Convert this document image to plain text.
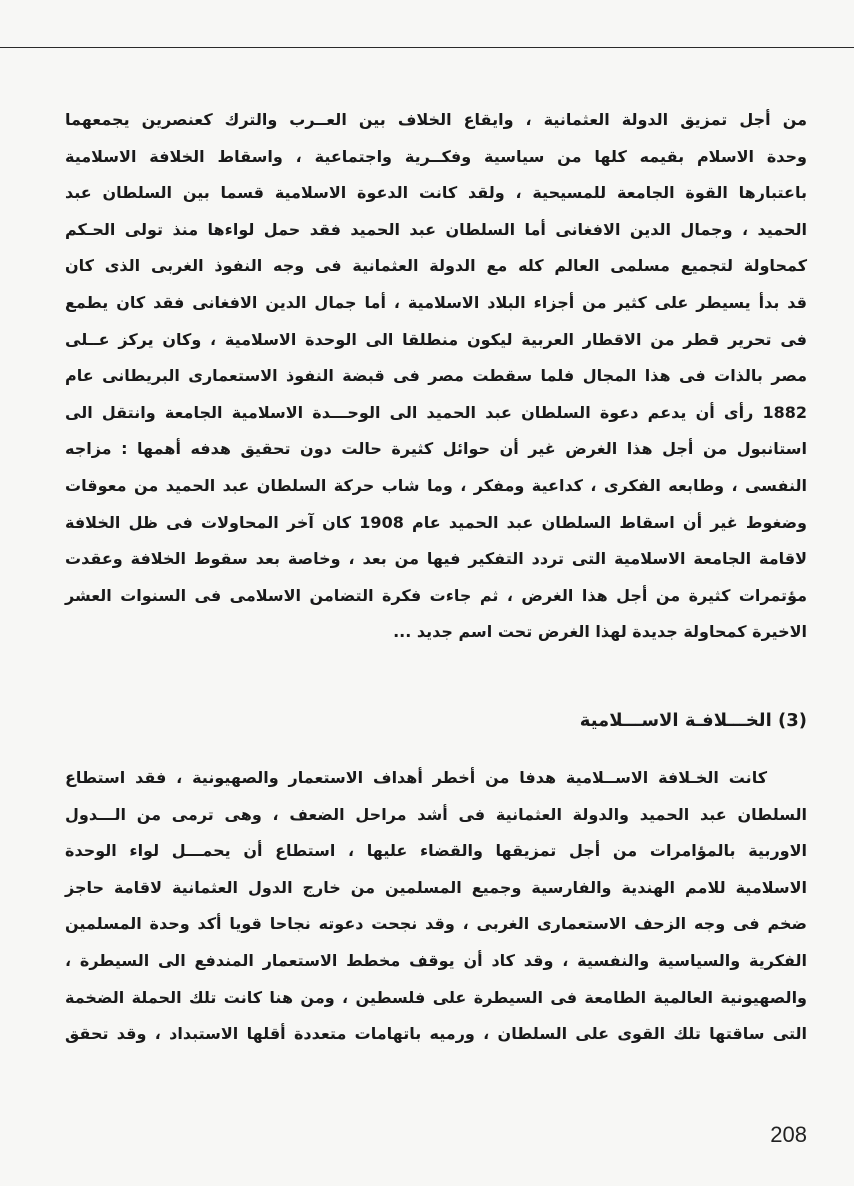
من أجل تمزيق الدولة العثمانية ، وايقاع الخلاف بين العــرب والترك كعنصرين يجمعهما
وحدة الاسلام بقيمه كلها من سياسية وفكــرية واجتماعية ، واسقاط الخلافة الاسلامية
باعتبارها القوة الجامعة للمسيحية ، ولقد كانت الدعوة الاسلامية قسما بين السلطان عبد
الحميد ، وجمال الدين الافغانى أما السلطان عبد الحميد فقد حمل لواءها منذ تولى الحـكم
كمحاولة لتجميع مسلمى العالم كله مع الدولة العثمانية فى وجه النفوذ الغربى الذى كان
قد بدأ يسيطر على كثير من أجزاء البلاد الاسلامية ، أما جمال الدين الافغانى فقد كان يطمع
فى تحرير قطر من الاقطار العربية ليكون منطلقا الى الوحدة الاسلامية ، وكان يركز عــلى
مصر بالذات فى هذا المجال فلما سقطت مصر فى قبضة النفوذ الاستعمارى البريطانى عام
1882 رأى أن يدعم دعوة السلطان عبد الحميد الى الوحـــدة الاسلامية الجامعة وانتقل الى
استانبول من أجل هذا الغرض غير أن حوائل كثيرة حالت دون تحقيق هدفه أهمها : مزاجه
النفسى ، وطابعه الفكرى ، كداعية ومفكر ، وما شاب حركة السلطان عبد الحميد من معوقات
وضغوط غير أن اسقاط السلطان عبد الحميد عام 1908 كان آخر المحاولات فى ظل الخلافة
لاقامة الجامعة الاسلامية التى تردد التفكير فيها من بعد ، وخاصة بعد سقوط الخلافة وعقدت
مؤتمرات كثيرة من أجل هذا الغرض ، ثم جاءت فكرة التضامن الاسلامى فى السنوات العشر
الاخيرة كمحاولة جديدة لهذا الغرض تحت اسم جديد ...
(3) الخـــلافـة الاســـلامية
كانت الخـلافة الاســلامية هدفا من أخطر أهداف الاستعمار والصهيونية ، فقد استطاع
السلطان عبد الحميد والدولة العثمانية فى أشد مراحل الضعف ، وهى ترمى من الـــدول
الاوربية بالمؤامرات من أجل تمزيقها والقضاء عليها ، استطاع أن يحمـــل لواء الوحدة
الاسلامية للامم الهندية والفارسية وجميع المسلمين من خارج الدول العثمانية لاقامة حاجز
ضخم فى وجه الزحف الاستعمارى الغربى ، وقد نجحت دعوته نجاحا قويا أكد وحدة المسلمين
الفكرية والسياسية والنفسية ، وقد كاد أن يوقف مخطط الاستعمار المندفع الى السيطرة ،
والصهيونية العالمية الطامعة فى السيطرة على فلسطين ، ومن هنا كانت تلك الحملة الضخمة
التى ساقتها تلك القوى على السلطان ، ورميه باتهامات متعددة أقلها الاستبداد ، وقد تحقق
208
